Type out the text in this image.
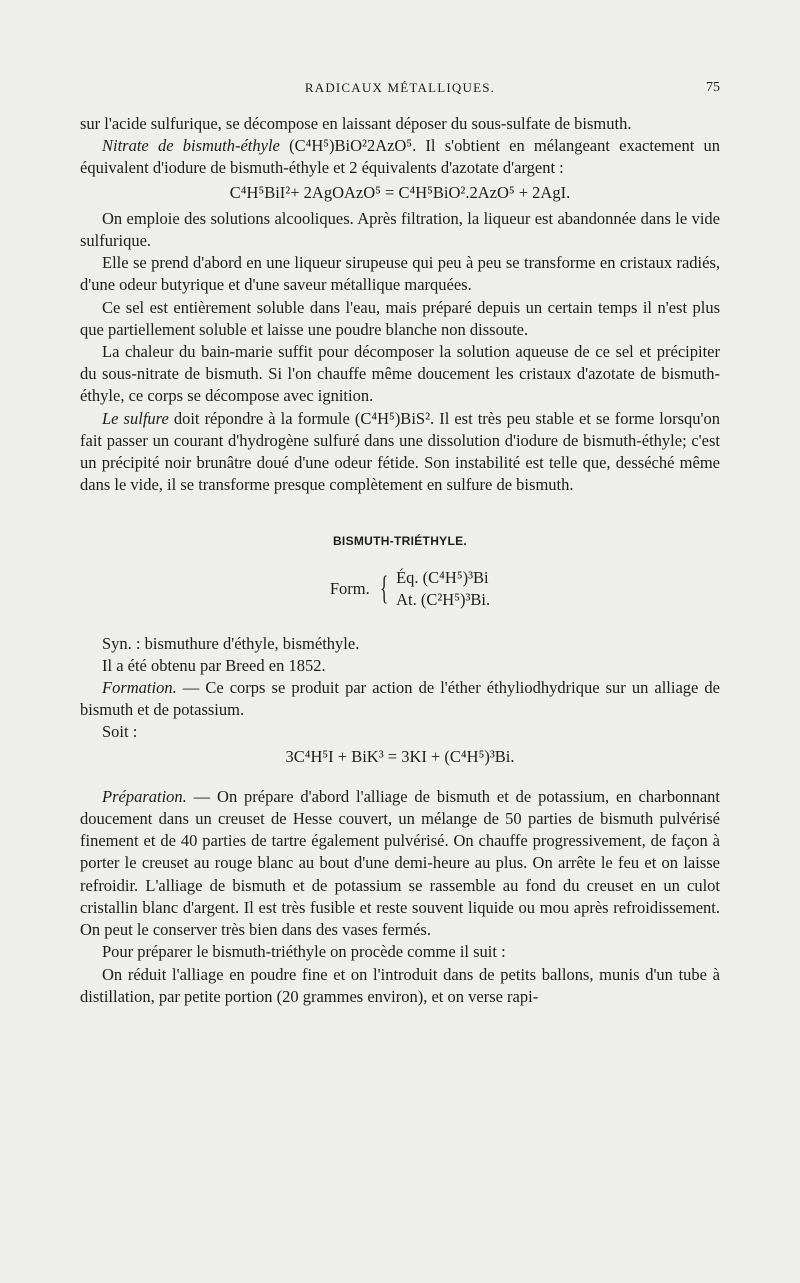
RADICAUX MÉTALLIQUES.	75

sur l'acide sulfurique, se décompose en laissant déposer du sous-sulfate de bismuth.

Nitrate de bismuth-éthyle (C⁴H⁵)BiO²2AzO⁵. Il s'obtient en mélangeant exactement un équivalent d'iodure de bismuth-éthyle et 2 équivalents d'azotate d'argent :

C⁴H⁵BiI²+ 2AgOAzO⁵ = C⁴H⁵BiO².2AzO⁵ + 2AgI.

On emploie des solutions alcooliques. Après filtration, la liqueur est abandonnée dans le vide sulfurique.

Elle se prend d'abord en une liqueur sirupeuse qui peu à peu se transforme en cristaux radiés, d'une odeur butyrique et d'une saveur métallique marquées.

Ce sel est entièrement soluble dans l'eau, mais préparé depuis un certain temps il n'est plus que partiellement soluble et laisse une poudre blanche non dissoute.

La chaleur du bain-marie suffit pour décomposer la solution aqueuse de ce sel et précipiter du sous-nitrate de bismuth. Si l'on chauffe même doucement les cristaux d'azotate de bismuth-éthyle, ce corps se décompose avec ignition.

Le sulfure doit répondre à la formule (C⁴H⁵)BiS². Il est très peu stable et se forme lorsqu'on fait passer un courant d'hydrogène sulfuré dans une dissolution d'iodure de bismuth-éthyle; c'est un précipité noir brunâtre doué d'une odeur fétide. Son instabilité est telle que, desséché même dans le vide, il se transforme presque complètement en sulfure de bismuth.

BISMUTH-TRIÉTHYLE.
Form. { Éq. (C⁴H⁵)³Bi
At. (C²H⁵)³Bi.

Syn. : bismuthure d'éthyle, bisméthyle.

Il a été obtenu par Breed en 1852.

Formation. — Ce corps se produit par action de l'éther éthyliodhydrique sur un alliage de bismuth et de potassium.

Soit :

3C⁴H⁵I + BiK³ = 3KI + (C⁴H⁵)³Bi.

Préparation. — On prépare d'abord l'alliage de bismuth et de potassium, en charbonnant doucement dans un creuset de Hesse couvert, un mélange de 50 parties de bismuth pulvérisé finement et de 40 parties de tartre également pulvérisé. On chauffe progressivement, de façon à porter le creuset au rouge blanc au bout d'une demi-heure au plus. On arrête le feu et on laisse refroidir. L'alliage de bismuth et de potassium se rassemble au fond du creuset en un culot cristallin blanc d'argent. Il est très fusible et reste souvent liquide ou mou après refroidissement. On peut le conserver très bien dans des vases fermés.

Pour préparer le bismuth-triéthyle on procède comme il suit :

On réduit l'alliage en poudre fine et on l'introduit dans de petits ballons, munis d'un tube à distillation, par petite portion (20 grammes environ), et on verse rapi-
